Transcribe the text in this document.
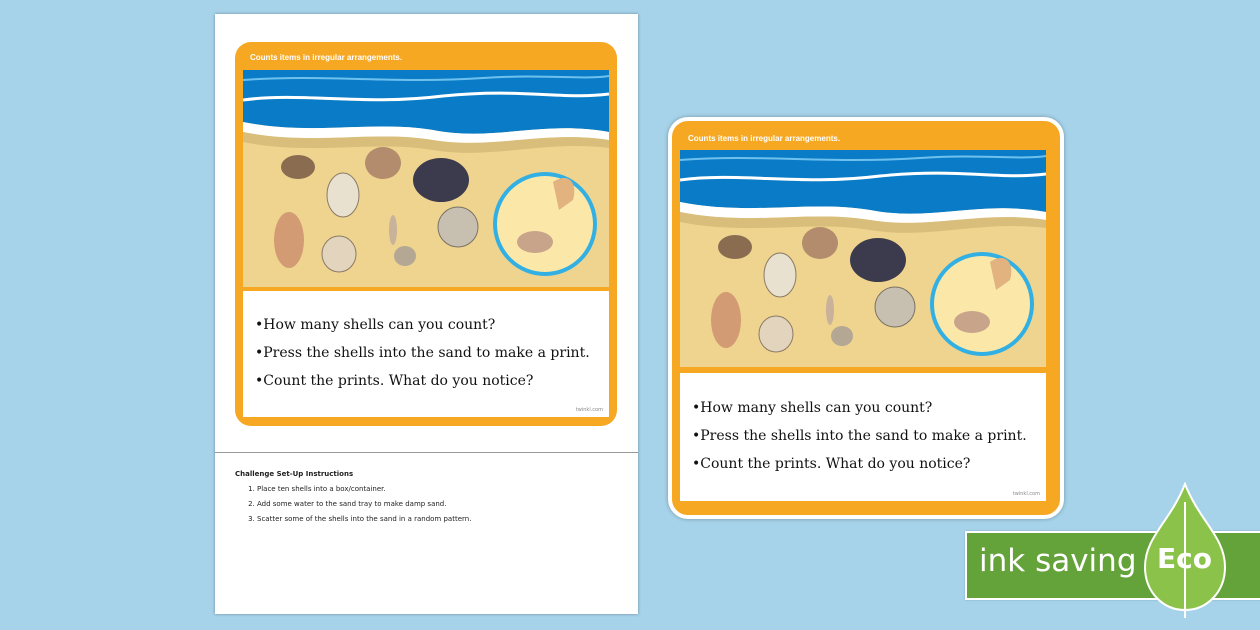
Challenge Set-Up Instructions
1. Place ten shells into a box/container.
2. Add some water to the sand tray to make damp sand.
3. Scatter some of the shells into the sand in a random pattern.
Counts items in irregular arrangements.
• How many shells can you count?
• Press the shells into the sand to make a print.
• Count the prints. What do you notice?
twinkl.com
Counts items in irregular arrangements.
• How many shells can you count?
• Press the shells into the sand to make a print.
• Count the prints. What do you notice?
twinkl.com
ink saving Eco
